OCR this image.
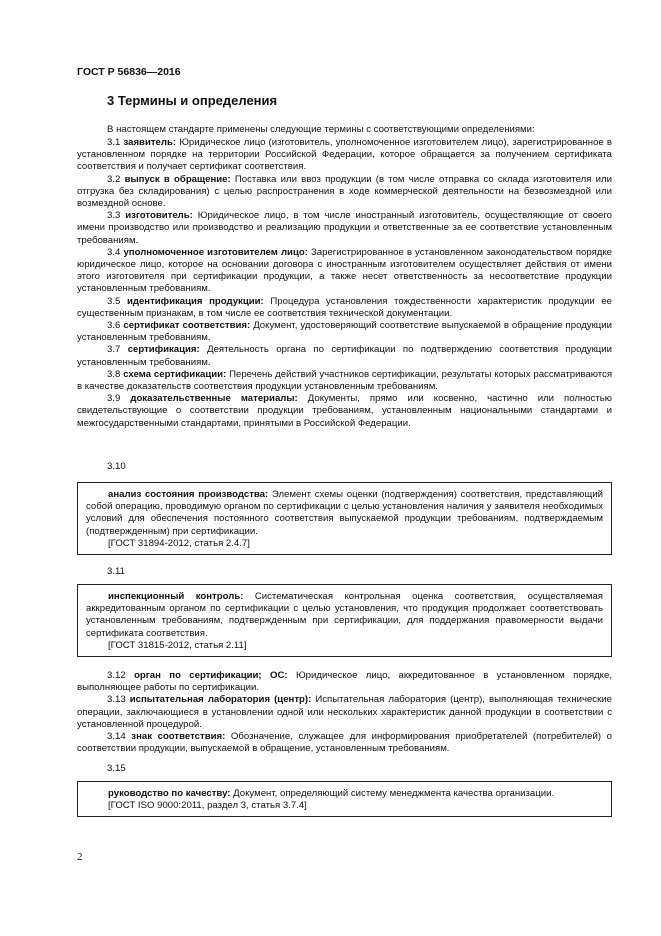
ГОСТ Р 56836—2016
3 Термины и определения
В настоящем стандарте применены следующие термины с соответствующими определениями:

3.1 заявитель: Юридическое лицо (изготовитель, уполномоченное изготовителем лицо), зарегистрированное в установленном порядке на территории Российской Федерации, которое обращается за получением сертификата соответствия и получает сертификат соответствия.

3.2 выпуск в обращение: Поставка или ввоз продукции (в том числе отправка со склада изготовителя или отгрузка без складирования) с целью распространения в ходе коммерческой деятельности на безвозмездной или возмездной основе.

3.3 изготовитель: Юридическое лицо, в том числе иностранный изготовитель, осуществляющие от своего имени производство или производство и реализацию продукции и ответственные за ее соответствие установленным требованиям.

3.4 уполномоченное изготовителем лицо: Зарегистрированное в установленном законодательством порядке юридическое лицо, которое на основании договора с иностранным изготовителем осуществляет действия от имени этого изготовителя при сертификации продукции, а также несет ответственность за несоответствие продукции установленным требованиям.

3.5 идентификация продукции: Процедура установления тождественности характеристик продукции ее существенным признакам, в том числе ее соответствия технической документации.

3.6 сертификат соответствия: Документ, удостоверяющий соответствие выпускаемой в обращение продукции установленным требованиям.

3.7 сертификация: Деятельность органа по сертификации по подтверждению соответствия продукции установленным требованиям.

3.8 схема сертификации: Перечень действий участников сертификации, результаты которых рассматриваются в качестве доказательств соответствия продукции установленным требованиям.

3.9 доказательственные материалы: Документы, прямо или косвенно, частично или полностью свидетельствующие о соответствии продукции требованиям, установленным национальными стандартами и межгосударственными стандартами, принятыми в Российской Федерации.

3.10

анализ состояния производства: Элемент схемы оценки (подтверждения) соответствия, представляющий собой операцию, проводимую органом по сертификации с целью установления наличия у заявителя необходимых условий для обеспечения постоянного соответствия выпускаемой продукции требованиям, подтверждаемым (подтвержденным) при сертификации.

[ГОСТ 31894-2012, статья 2.4.7]
3.11

инспекционный контроль: Систематическая контрольная оценка соответствия, осуществляемая аккредитованным органом по сертификации с целью установления, что продукция продолжает соответствовать установленным требованиям, подтвержденным при сертификации, для поддержания правомерности выдачи сертификата соответствия.

[ГОСТ 31815-2012, статья 2.11]

3.12 орган по сертификации; ОС: Юридическое лицо, аккредитованное в установленном порядке, выполняющее работы по сертификации.

3.13 испытательная лаборатория (центр): Испытательная лаборатория (центр), выполняющая технические операции, заключающиеся в установлении одной или нескольких характеристик данной продукции в соответствии с установленной процедурой.

3.14 знак соответствия: Обозначение, служащее для информирования приобретателей (потребителей) о соответствии продукции, выпускаемой в обращение, установленным требованиям.

3.15

руководство по качеству: Документ, определяющий систему менеджмента качества организации.

[ГОСТ ISO 9000:2011, раздел 3, статья 3.7.4]
2
